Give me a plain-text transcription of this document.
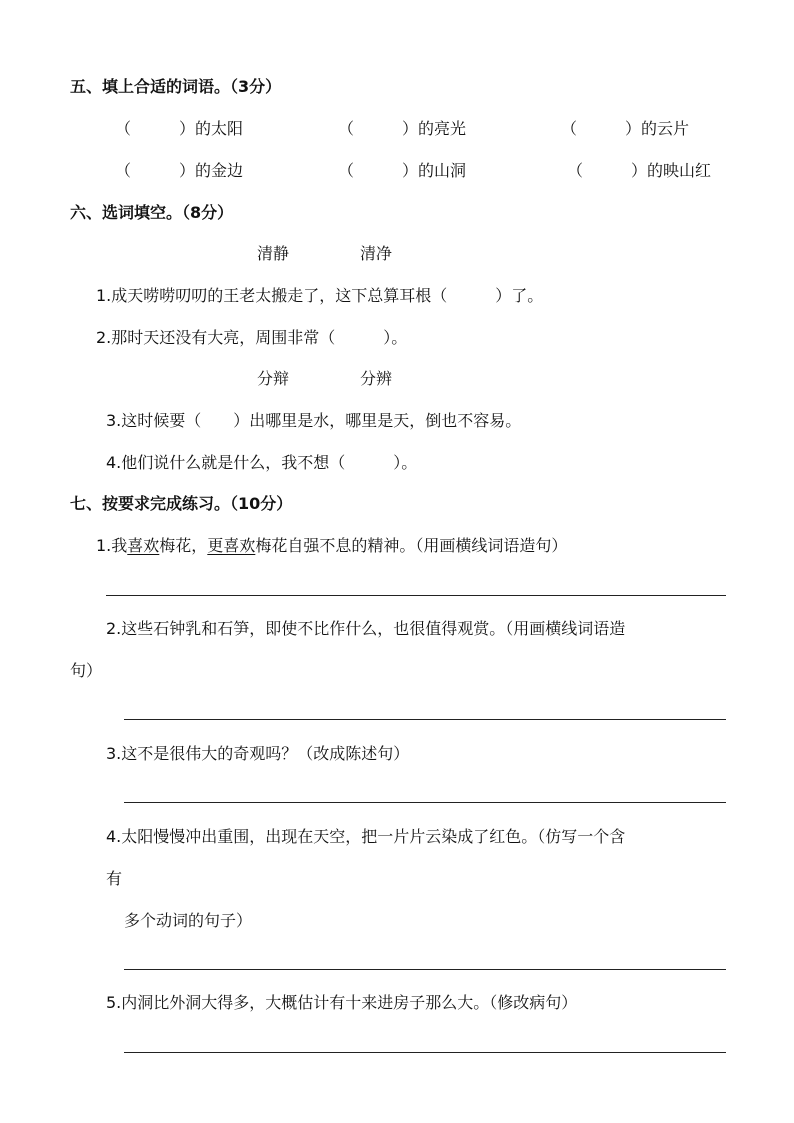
五、填上合适的词语。（3分）
（　　　）的太阳	（　　　）的亮光	（　　　）的云片
（　　　）的金边	（　　　）的山洞	（　　　）的映山红
六、选词填空。（8分）
清静	清净
1.成天唠唠叨叨的王老太搬走了，这下总算耳根（　　　）了。
2.那时天还没有大亮，周围非常（　　　）。
分辩	分辨
3.这时候要（　　）出哪里是水，哪里是天，倒也不容易。
4.他们说什么就是什么，我不想（　　　）。
七、按要求完成练习。（10分）
1.我喜欢梅花，更喜欢梅花自强不息的精神。（用画横线词语造句）
2.这些石钟乳和石笋，即使不比作什么，也很值得观赏。（用画横线词语造
句）
3.这不是很伟大的奇观吗？（改成陈述句）
4.太阳慢慢冲出重围，出现在天空，把一片片云染成了红色。（仿写一个含
有
多个动词的句子）
5.内洞比外洞大得多，大概估计有十来进房子那么大。（修改病句）
